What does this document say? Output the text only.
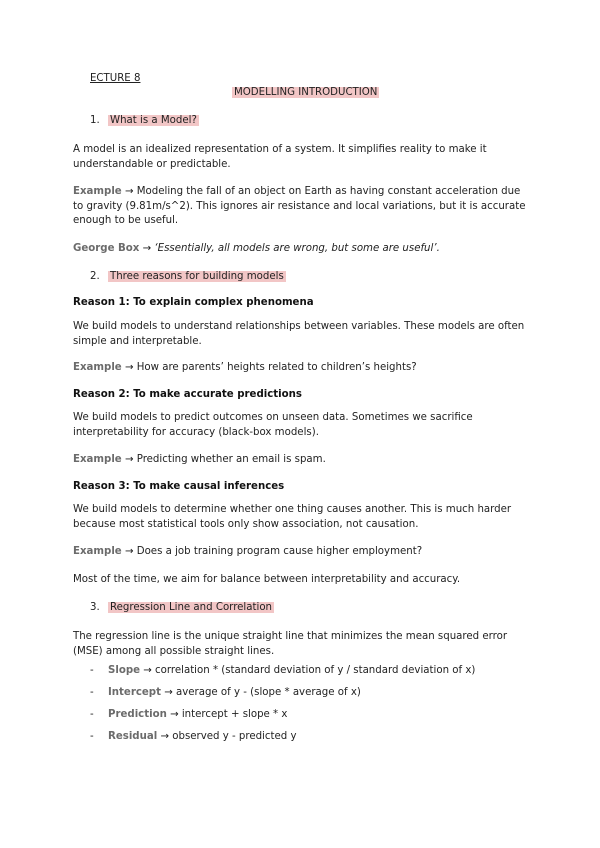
ECTURE 8
MODELLING INTRODUCTION
1. What is a Model?
A model is an idealized representation of a system. It simplifies reality to make it understandable or predictable.
Example → Modeling the fall of an object on Earth as having constant acceleration due to gravity (9.81m/s^2). This ignores air resistance and local variations, but it is accurate enough to be useful.
George Box → ‘Essentially, all models are wrong, but some are useful’.
2. Three reasons for building models
Reason 1: To explain complex phenomena
We build models to understand relationships between variables. These models are often simple and interpretable.
Example → How are parents’ heights related to children’s heights?
Reason 2: To make accurate predictions
We build models to predict outcomes on unseen data. Sometimes we sacrifice interpretability for accuracy (black-box models).
Example → Predicting whether an email is spam.
Reason 3: To make causal inferences
We build models to determine whether one thing causes another. This is much harder because most statistical tools only show association, not causation.
Example → Does a job training program cause higher employment?
Most of the time, we aim for balance between interpretability and accuracy.
3. Regression Line and Correlation
The regression line is the unique straight line that minimizes the mean squared error (MSE) among all possible straight lines.
- Slope → correlation * (standard deviation of y / standard deviation of x)
- Intercept → average of y - (slope * average of x)
- Prediction → intercept + slope * x
- Residual → observed y - predicted y
